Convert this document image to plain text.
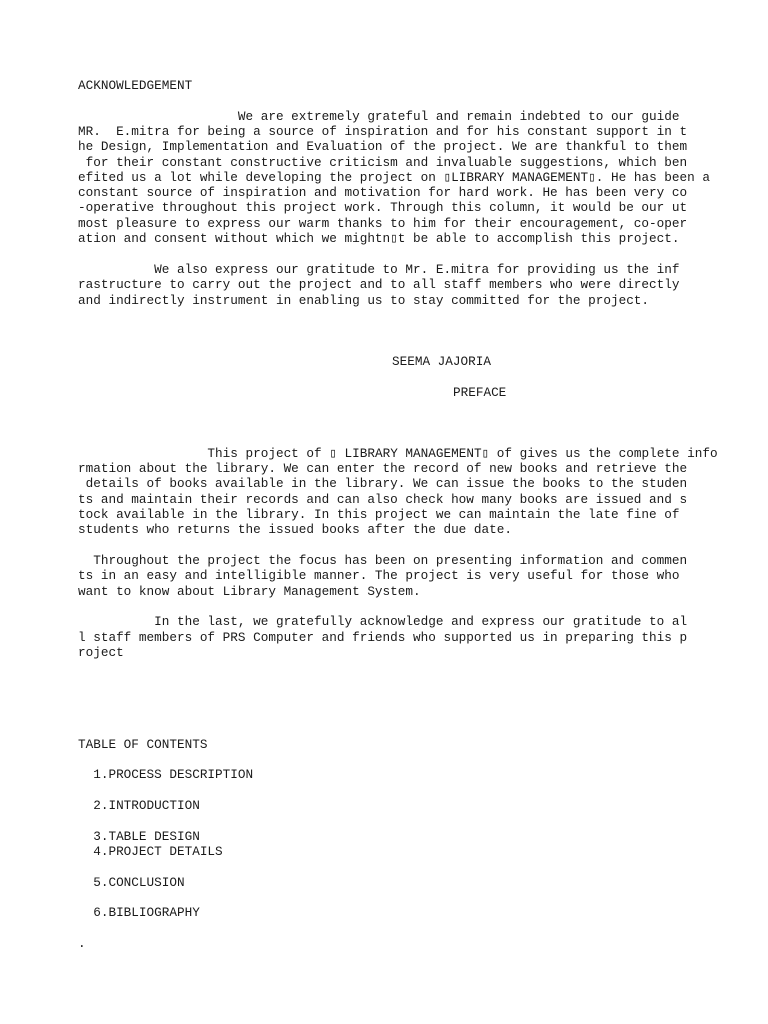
ACKNOWLEDGEMENT
We are extremely grateful and remain indebted to our guide
MR.  E.mitra for being a source of inspiration and for his constant support in t
he Design, Implementation and Evaluation of the project. We are thankful to them
for their constant constructive criticism and invaluable suggestions, which ben
efited us a lot while developing the project on ▯LIBRARY MANAGEMENT▯. He has been a
constant source of inspiration and motivation for hard work. He has been very co
-operative throughout this project work. Through this column, it would be our ut
most pleasure to express our warm thanks to him for their encouragement, co-oper
ation and consent without which we mightn▯t be able to accomplish this project.
We also express our gratitude to Mr. E.mitra for providing us the inf
rastructure to carry out the project and to all staff members who were directly
and indirectly instrument in enabling us to stay committed for the project.
SEEMA JAJORIA
PREFACE
This project of ▯ LIBRARY MANAGEMENT▯ of gives us the complete info
rmation about the library. We can enter the record of new books and retrieve the
details of books available in the library. We can issue the books to the studen
ts and maintain their records and can also check how many books are issued and s
tock available in the library. In this project we can maintain the late fine of
students who returns the issued books after the due date.
Throughout the project the focus has been on presenting information and commen
ts in an easy and intelligible manner. The project is very useful for those who
want to know about Library Management System.
In the last, we gratefully acknowledge and express our gratitude to al
l staff members of PRS Computer and friends who supported us in preparing this p
roject
TABLE OF CONTENTS
1.PROCESS DESCRIPTION
2.INTRODUCTION
3.TABLE DESIGN
4.PROJECT DETAILS
5.CONCLUSION
6.BIBLIOGRAPHY
.
